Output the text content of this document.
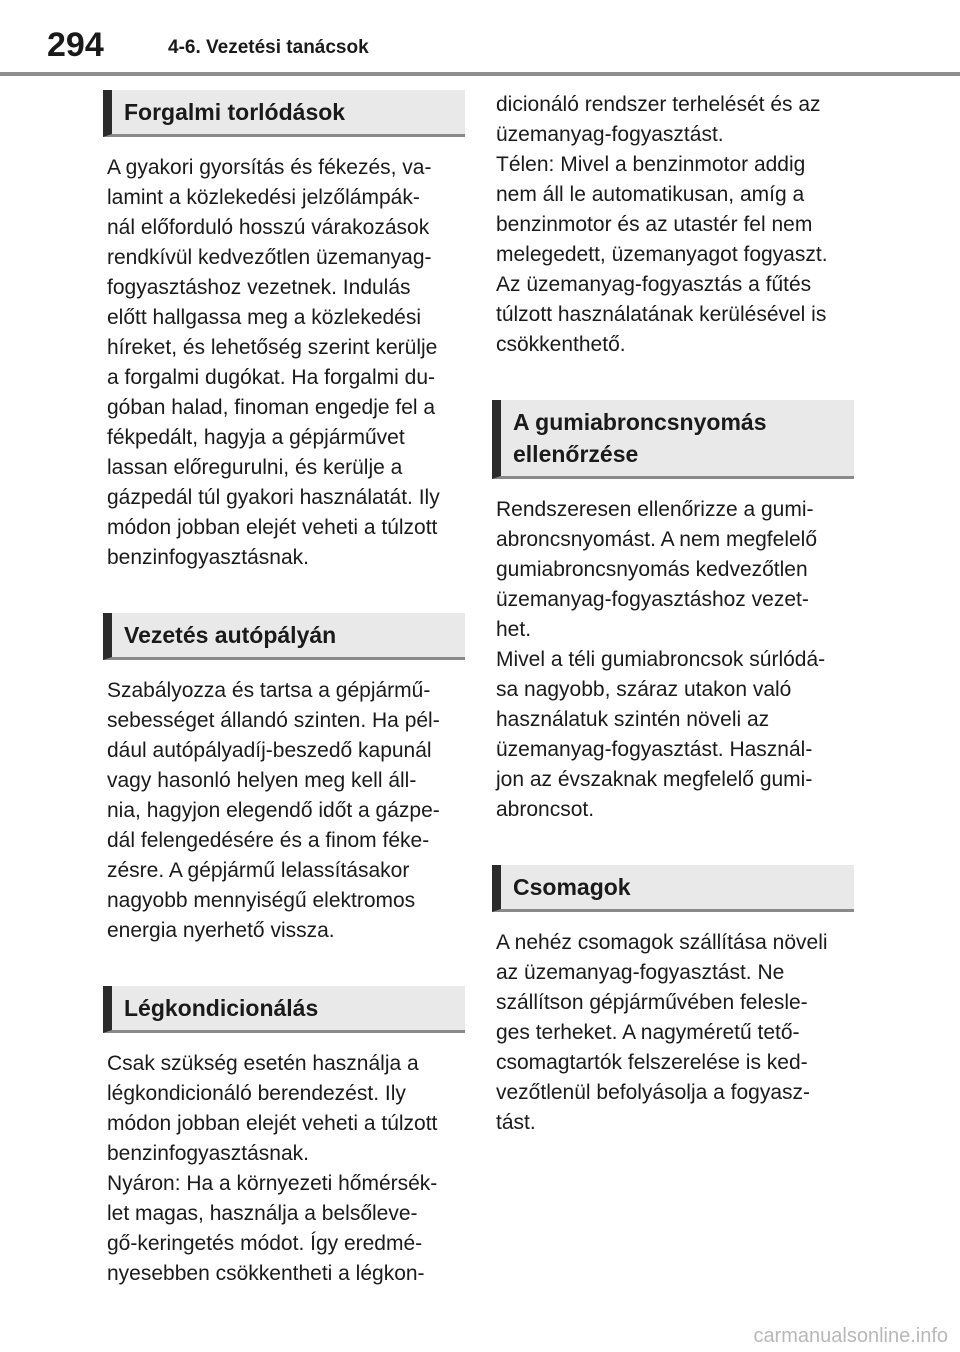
294	4-6. Vezetési tanácsok
Forgalmi torlódások
A gyakori gyorsítás és fékezés, va-
lamint a közlekedési jelzőlámpák-
nál előforduló hosszú várakozások
rendkívül kedvezőtlen üzemanyag-
fogyasztáshoz vezetnek. Indulás
előtt hallgassa meg a közlekedési
híreket, és lehetőség szerint kerülje
a forgalmi dugókat. Ha forgalmi du-
góban halad, finoman engedje fel a
fékpedált, hagyja a gépjárművet
lassan előregurulni, és kerülje a
gázpedál túl gyakori használatát. Ily
módon jobban elejét veheti a túlzott
benzinfogyasztásnak.
Vezetés autópályán
Szabályozza és tartsa a gépjármű-
sebességet állandó szinten. Ha pél-
dául autópályadíj-beszedő kapunál
vagy hasonló helyen meg kell áll-
nia, hagyjon elegendő időt a gázpe-
dál felengedésére és a finom féke-
zésre. A gépjármű lelassításakor
nagyobb mennyiségű elektromos
energia nyerhető vissza.
Légkondicionálás
Csak szükség esetén használja a
légkondicionáló berendezést. Ily
módon jobban elejét veheti a túlzott
benzinfogyasztásnak.
Nyáron: Ha a környezeti hőmérsék-
let magas, használja a belsőleve-
gő-keringetés módot. Így eredmé-
nyesebben csökkentheti a légkon-
dicionáló rendszer terhelését és az
üzemanyag-fogyasztást.
Télen: Mivel a benzinmotor addig
nem áll le automatikusan, amíg a
benzinmotor és az utastér fel nem
melegedett, üzemanyagot fogyaszt.
Az üzemanyag-fogyasztás a fűtés
túlzott használatának kerülésével is
csökkenthető.
A gumiabroncsnyomás
ellenőrzése
Rendszeresen ellenőrizze a gumi-
abroncsnyomást. A nem megfelelő
gumiabroncsnyomás kedvezőtlen
üzemanyag-fogyasztáshoz vezet-
het.
Mivel a téli gumiabroncsok súrlódá-
sa nagyobb, száraz utakon való
használatuk szintén növeli az
üzemanyag-fogyasztást. Használ-
jon az évszaknak megfelelő gumi-
abroncsot.
Csomagok
A nehéz csomagok szállítása növeli
az üzemanyag-fogyasztást. Ne
szállítson gépjárművében felesle-
ges terheket. A nagyméretű tető-
csomagtartók felszerelése is ked-
vezőtlenül befolyásolja a fogyasz-
tást.
carmanualsonline.info
